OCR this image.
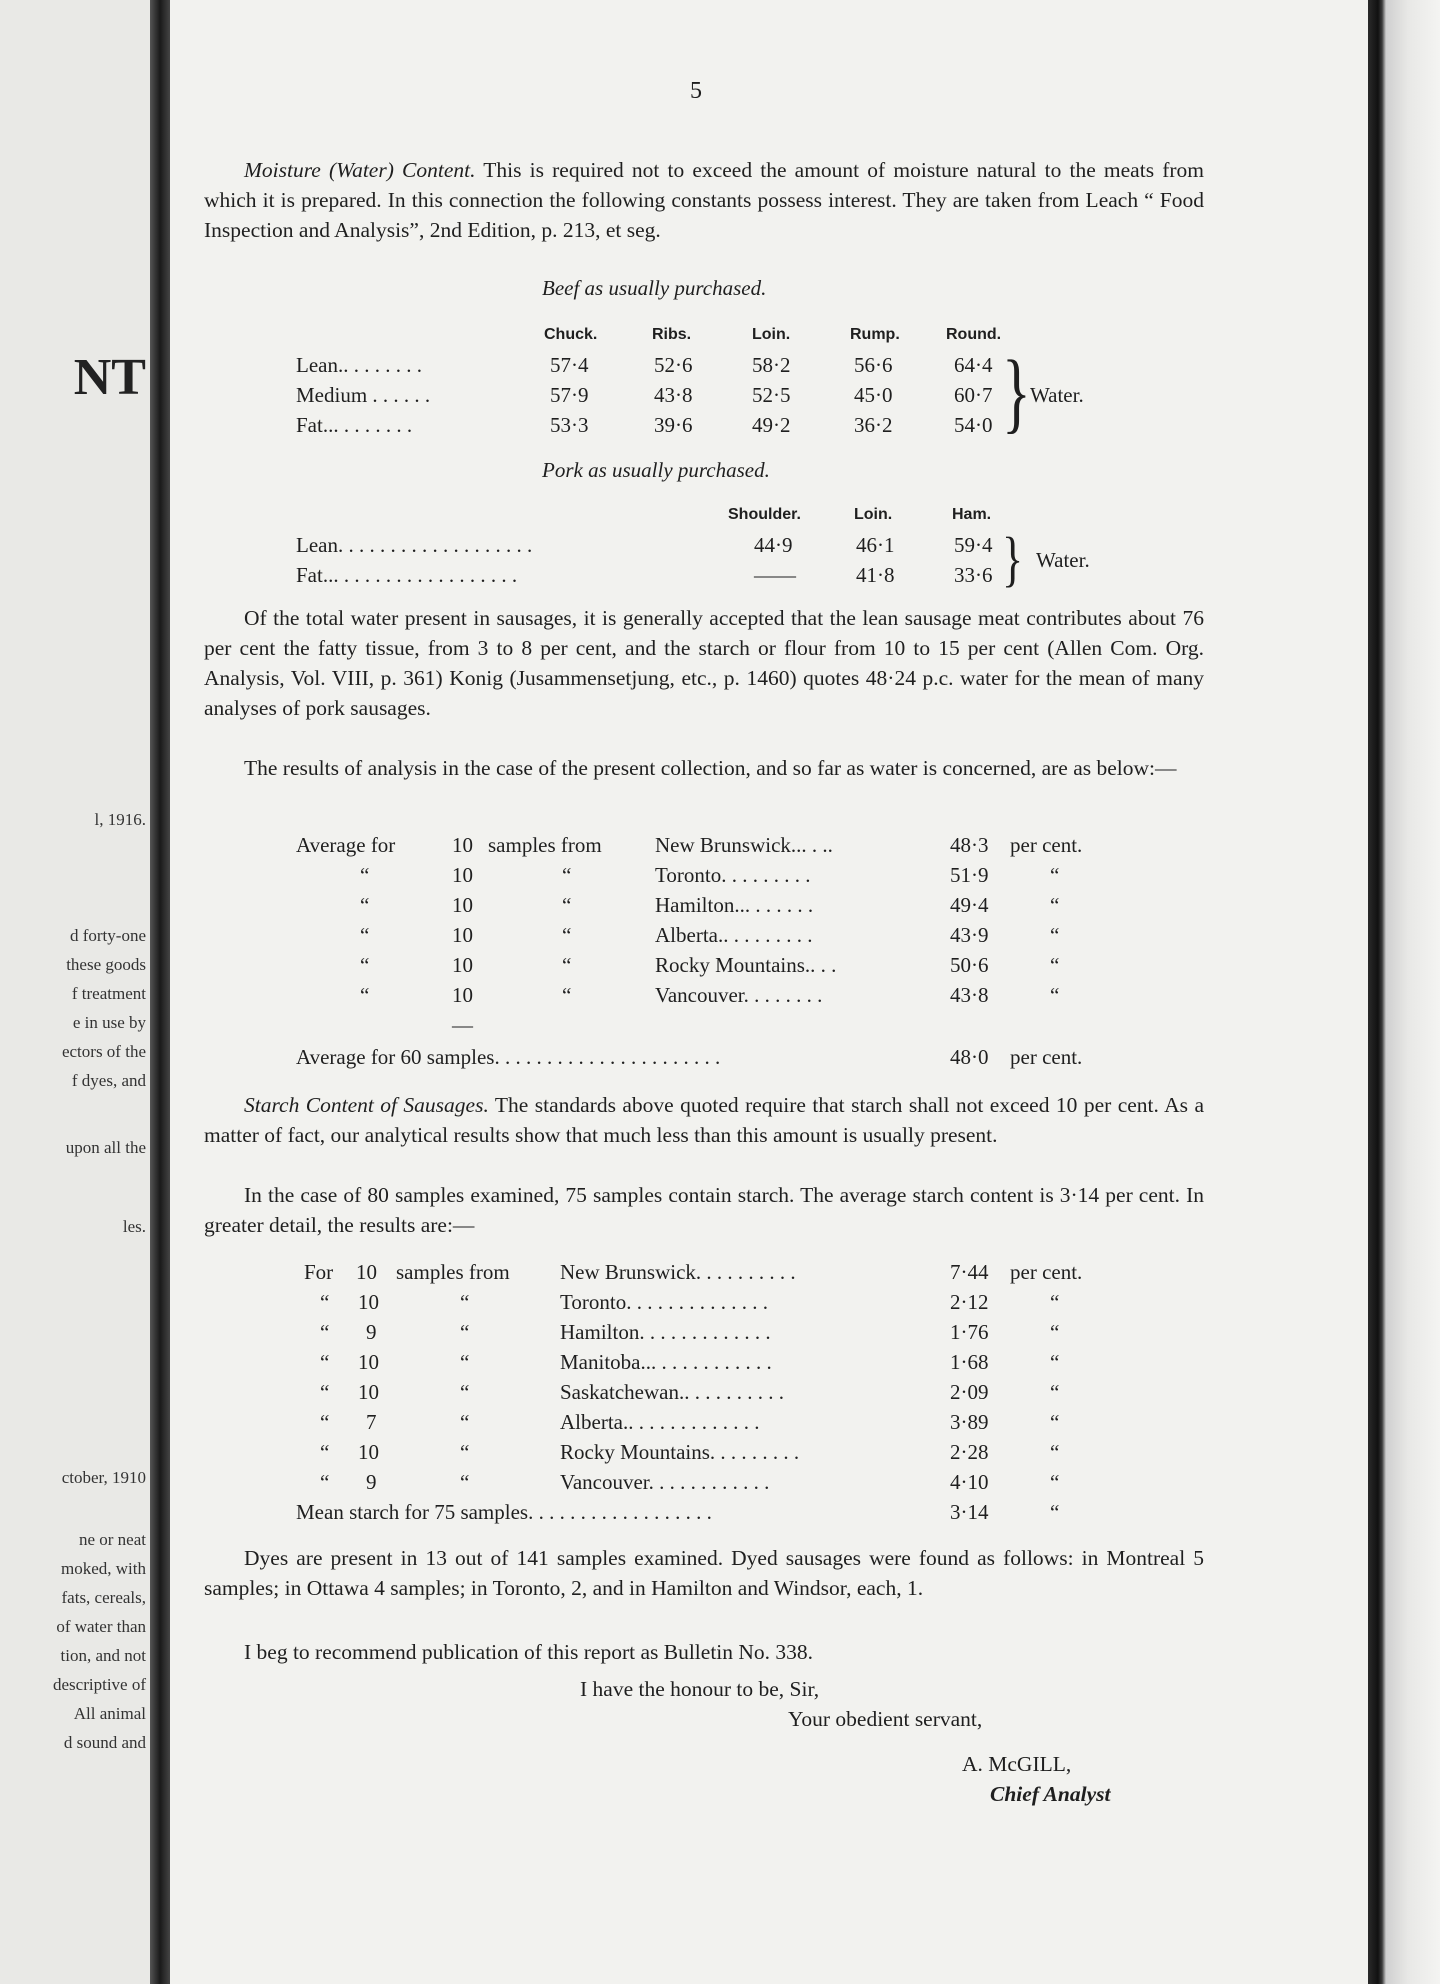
NT
l, 1916.
d forty-one
these goods
f treatment
e in use by
ectors of the
f dyes, and
upon all the
les.
ctober, 1910
ne or neat
moked, with
fats, cereals,
of water than
tion, and not
descriptive of
All animal
d sound and
5
Moisture (Water) Content. This is required not to exceed the amount of moisture natural to the meats from which it is prepared. In this connection the following constants possess interest. They are taken from Leach “ Food Inspection and Analysis”, 2nd Edition, p. 213, et seg.
Beef as usually purchased.
Chuck.	Ribs.	Loin.	Rump.	Round.
Lean.. . . . . . . .	57·4	52·6	58·2	56·6	64·4
Medium . . . . . .	57·9	43·8	52·5	45·0	60·7
Fat... . . . . . . .	53·3	39·6	49·2	36·2	54·0 } Water.
Pork as usually purchased.
Shoulder.	Loin.	Ham.
Lean. . . . . . . . . . . . . . . . . . .	44·9	46·1	59·4
Fat... . . . . . . . . . . . . . . . . .	——	41·8	33·6 } Water.
Of the total water present in sausages, it is generally accepted that the lean sausage meat contributes about 76 per cent the fatty tissue, from 3 to 8 per cent, and the starch or flour from 10 to 15 per cent (Allen Com. Org. Analysis, Vol. VIII, p. 361) Konig (Jusammensetjung, etc., p. 1460) quotes 48·24 p.c. water for the mean of many analyses of pork sausages.
The results of analysis in the case of the present collection, and so far as water is concerned, are as below:—
Average for	10 samples from	New Brunswick... . ..	48·3 per cent.
“	10	“	Toronto. . . . . . . . .	51·9	“
“	10	“	Hamilton... . . . . . .	49·4	“
“	10	“	Alberta.. . . . . . . . .	43·9	“
“	10	“	Rocky Mountains.. . .	50·6	“
“	10	“	Vancouver. . . . . . . .	43·8	“
—
Average for 60 samples. . . . . . . . . . . . . . . . . . . . . .	48·0 per cent.
Starch Content of Sausages. The standards above quoted require that starch shall not exceed 10 per cent. As a matter of fact, our analytical results show that much less than this amount is usually present.
In the case of 80 samples examined, 75 samples contain starch. The average starch content is 3·14 per cent. In greater detail, the results are:—
For 10 samples from New Brunswick. . . . . . . . . .	7·44 per cent.
“ 10	“	Toronto. . . . . . . . . . . . . .	2·12	“
“ 9	“	Hamilton. . . . . . . . . . . . .	1·76	“
“ 10	“	Manitoba... . . . . . . . . . . .	1·68	“
“ 10	“	Saskatchewan.. . . . . . . . . .	2·09	“
“ 7	“	Alberta.. . . . . . . . . . . . .	3·89	“
“ 10	“	Rocky Mountains. . . . . . . . .	2·28	“
“ 9	“	Vancouver. . . . . . . . . . . .	4·10	“
Mean starch for 75 samples. . . . . . . . . . . . . . . . . .	3·14	“
Dyes are present in 13 out of 141 samples examined. Dyed sausages were found as follows: in Montreal 5 samples; in Ottawa 4 samples; in Toronto, 2, and in Hamilton and Windsor, each, 1.
I beg to recommend publication of this report as Bulletin No. 338.
I have the honour to be, Sir,
Your obedient servant,
A. McGILL,
Chief Analyst
